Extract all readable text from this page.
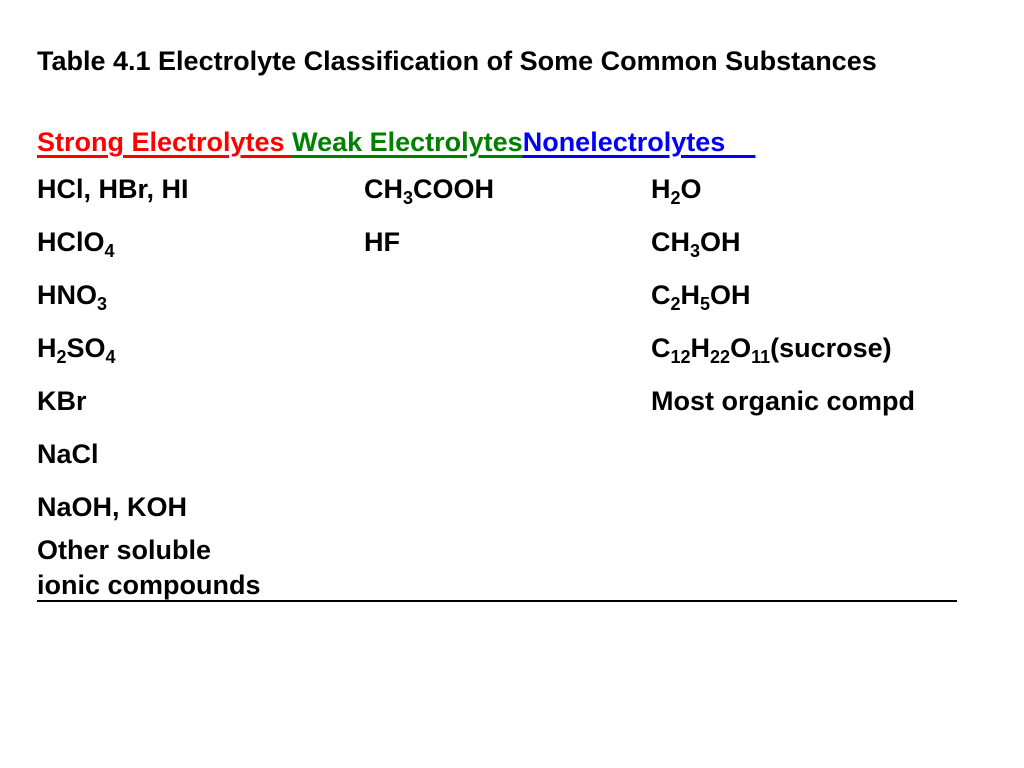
Table 4.1 Electrolyte Classification of Some Common Substances

Strong Electrolytes Weak ElectrolytesNonelectrolytes
HCl, HBr, HI
HClO$_4$
$HNO_3$
$H_2SO_4$
KBr
NaCl
NaOH, KOH
Other soluble
ionic compounds
$CH_3COOH$
HF
$H_2O$
$CH_3OH$
$C_2H_5OH$
$C_{12}H_{22}O_{11}(sucrose)$
Most organic compd
